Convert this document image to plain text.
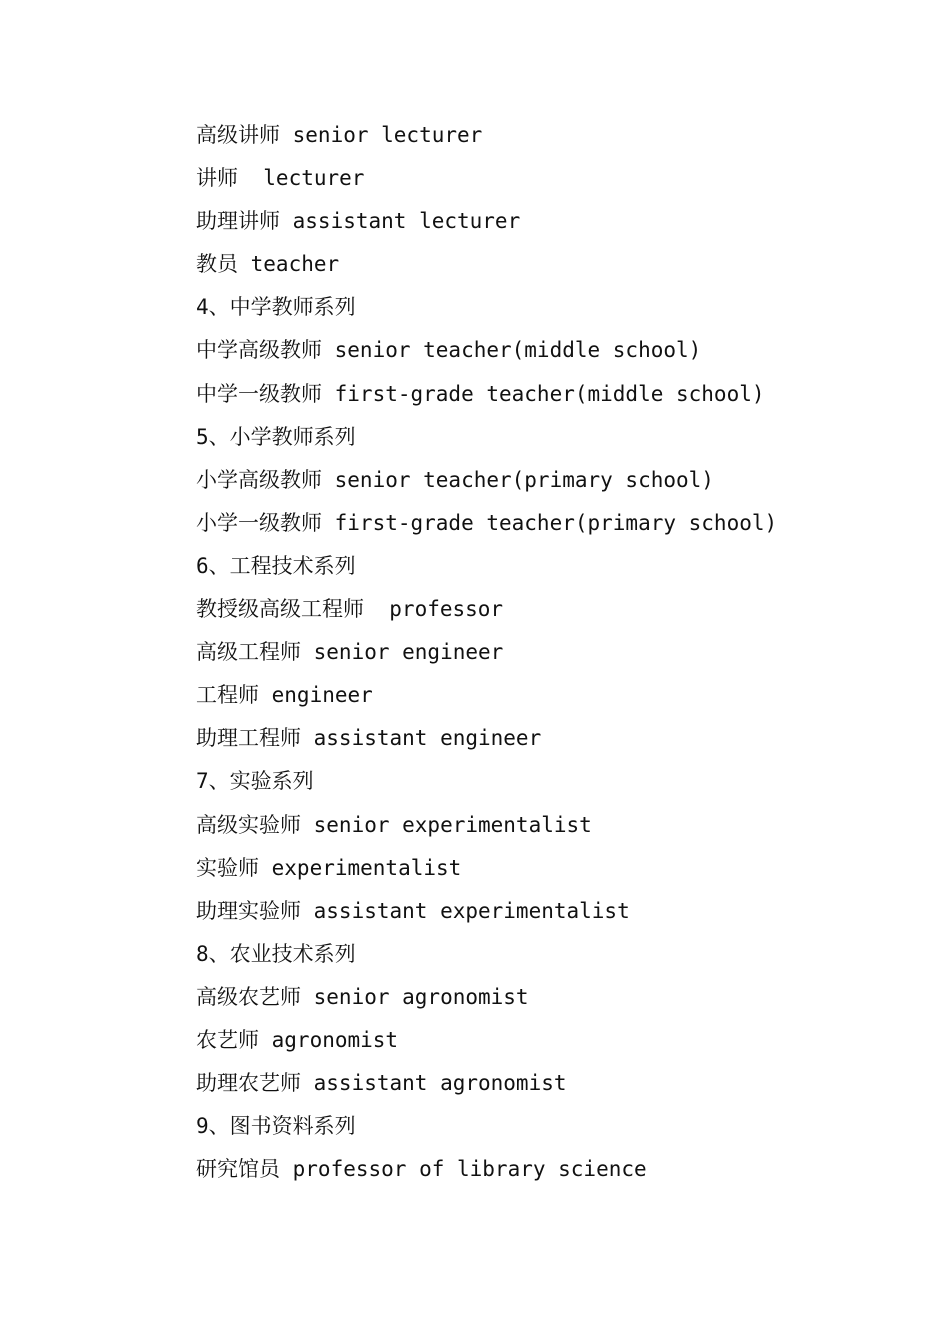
高级讲师 senior lecturer
讲师  lecturer
助理讲师 assistant lecturer
教员 teacher
4、中学教师系列
中学高级教师 senior teacher(middle school)
中学一级教师 first-grade teacher(middle school)
5、小学教师系列
小学高级教师 senior teacher(primary school)
小学一级教师 first-grade teacher(primary school)
6、工程技术系列
教授级高级工程师  professor
高级工程师 senior engineer
工程师 engineer
助理工程师 assistant engineer
7、实验系列
高级实验师 senior experimentalist
实验师 experimentalist
助理实验师 assistant experimentalist
8、农业技术系列
高级农艺师 senior agronomist
农艺师 agronomist
助理农艺师 assistant agronomist
9、图书资料系列
研究馆员 professor of library science
